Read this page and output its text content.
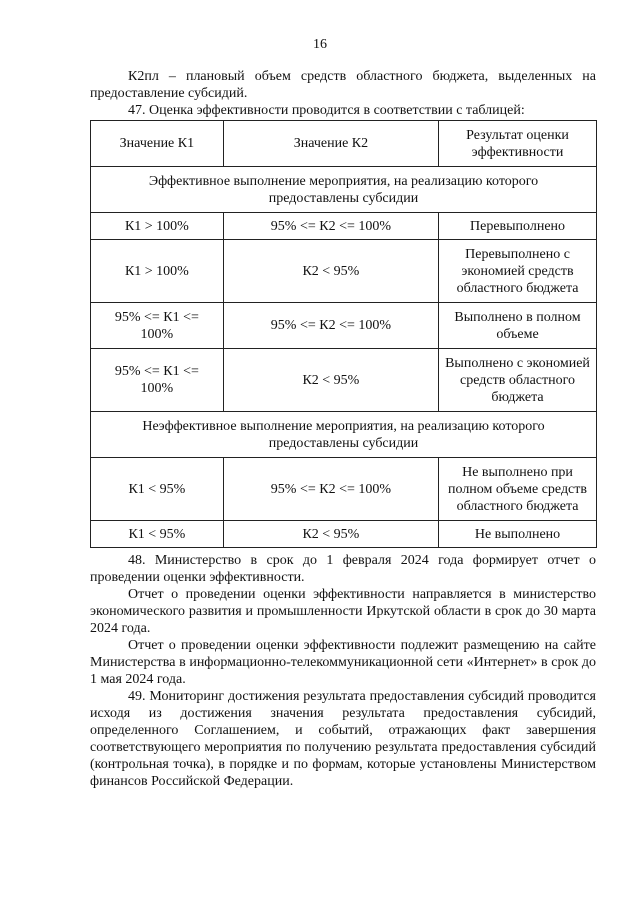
16

К2пл – плановый объем средств областного бюджета, выделенных на предоставление субсидий.

47. Оценка эффективности проводится в соответствии с таблицей:

Значение К1	Значение К2	Результат оценки эффективности
Эффективное выполнение мероприятия, на реализацию которого предоставлены субсидии		
К1 > 100%	95% <= К2 <= 100%	Перевыполнено
К1 > 100%	К2 < 95%	Перевыполнено с экономией средств областного бюджета
95% <= К1 <= 100%	95% <= К2 <= 100%	Выполнено в полном объеме
95% <= К1 <= 100%	К2 < 95%	Выполнено с экономией средств областного бюджета
Неэффективное выполнение мероприятия, на реализацию которого предоставлены субсидии		
К1 < 95%	95% <= К2 <= 100%	Не выполнено при полном объеме средств областного бюджета
К1 < 95%	К2 < 95%	Не выполнено

48. Министерство в срок до 1 февраля 2024 года формирует отчет о проведении оценки эффективности.

Отчет о проведении оценки эффективности направляется в министерство экономического развития и промышленности Иркутской области в срок до 30 марта 2024 года.

Отчет о проведении оценки эффективности подлежит размещению на сайте Министерства в информационно-телекоммуникационной сети «Интернет» в срок до 1 мая 2024 года.

49. Мониторинг достижения результата предоставления субсидий проводится исходя из достижения значения результата предоставления субсидий, определенного Соглашением, и событий, отражающих факт завершения соответствующего мероприятия по получению результата предоставления субсидий (контрольная точка), в порядке и по формам, которые установлены Министерством финансов Российской Федерации.
